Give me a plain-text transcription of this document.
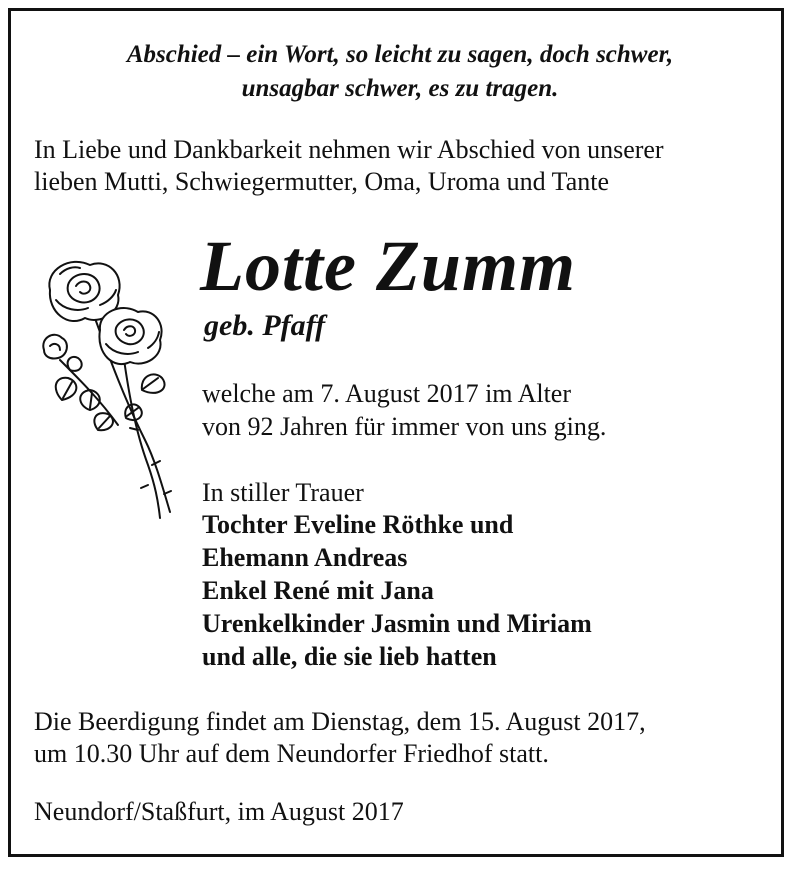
Abschied – ein Wort, so leicht zu sagen, doch schwer,
unsagbar schwer, es zu tragen.
In Liebe und Dankbarkeit nehmen wir Abschied von unserer
lieben Mutti, Schwiegermutter, Oma, Uroma und Tante
Lotte Zumm
geb. Pfaff
welche am 7. August 2017 im Alter
von 92 Jahren für immer von uns ging.
In stiller Trauer
Tochter Eveline Röthke und
Ehemann Andreas
Enkel René mit Jana
Urenkelkinder Jasmin und Miriam
und alle, die sie lieb hatten
Die Beerdigung findet am Dienstag, dem 15. August 2017,
um 10.30 Uhr auf dem Neundorfer Friedhof statt.
Neundorf/Staßfurt, im August 2017
